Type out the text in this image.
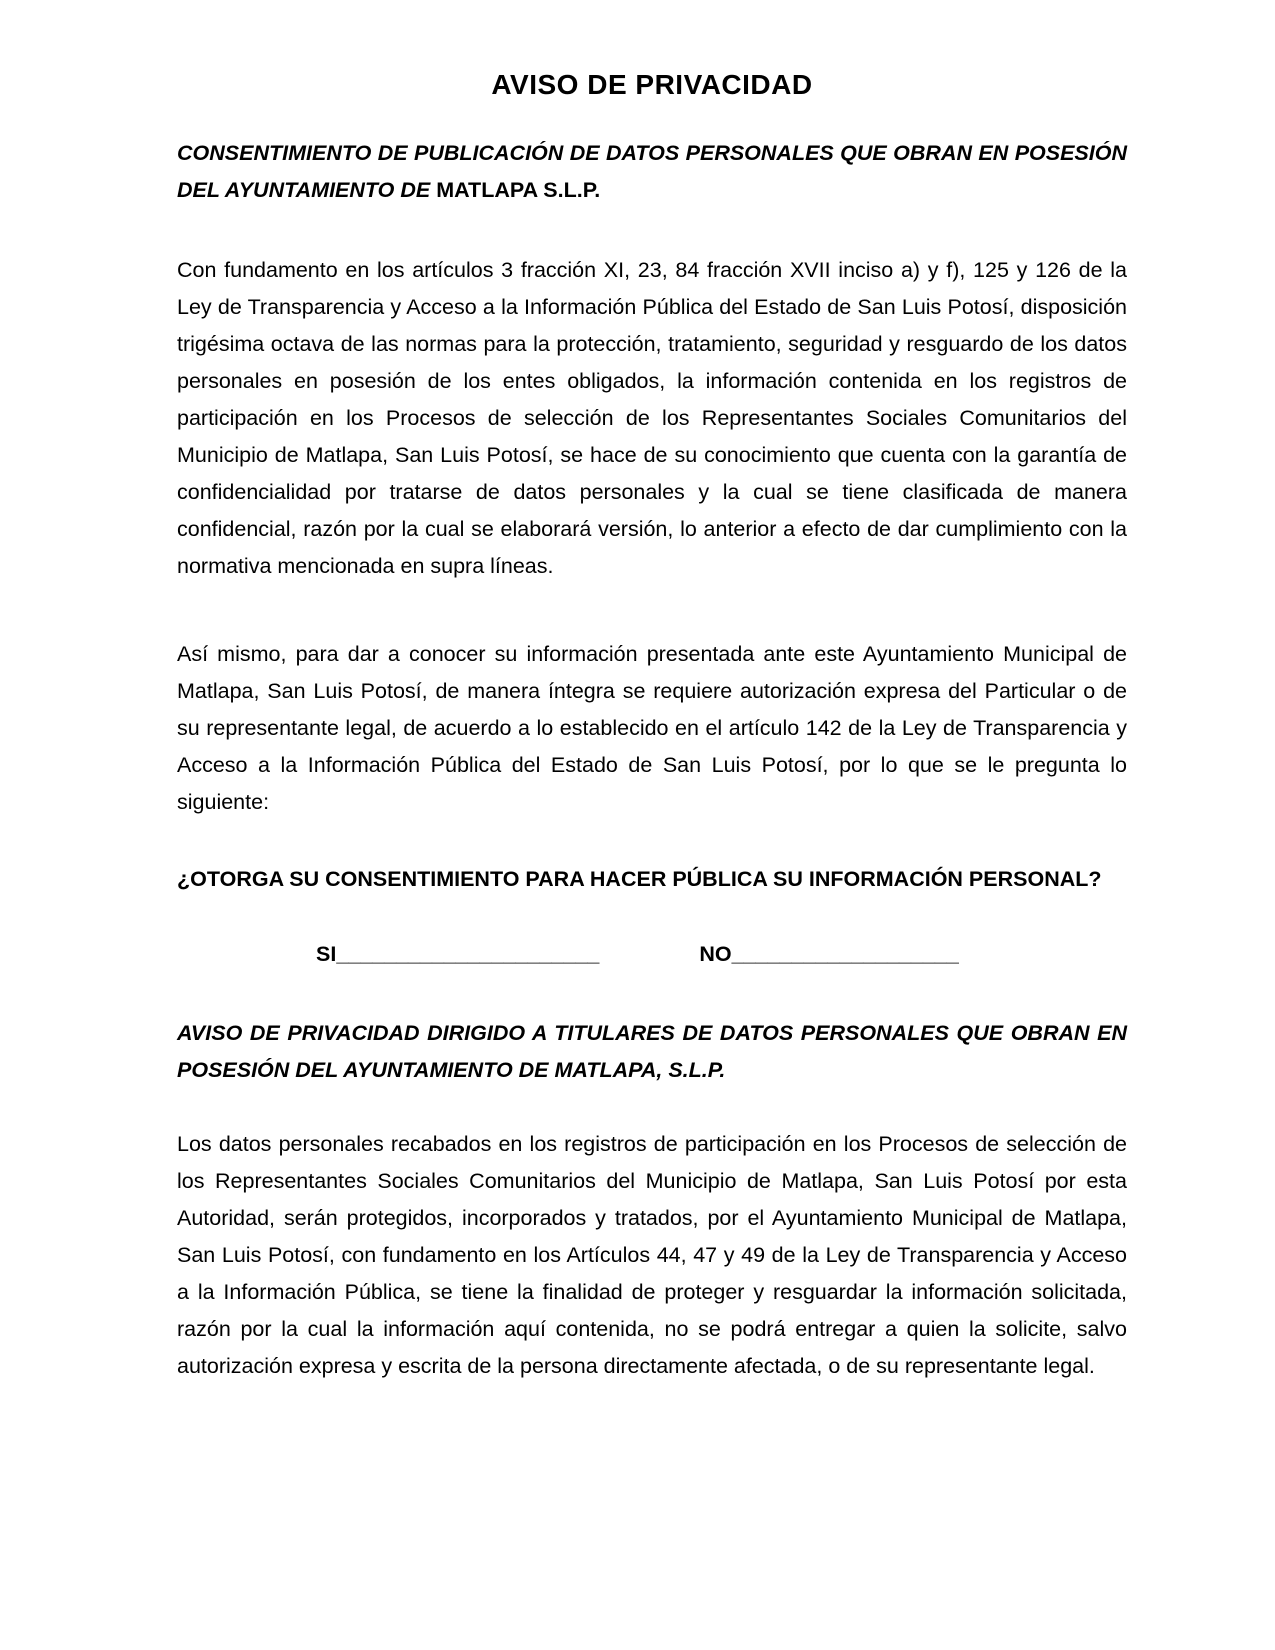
AVISO DE PRIVACIDAD

CONSENTIMIENTO DE PUBLICACIÓN DE DATOS PERSONALES QUE OBRAN EN POSESIÓN DEL AYUNTAMIENTO DE MATLAPA S.L.P.

Con fundamento en los artículos 3 fracción XI, 23, 84 fracción XVII inciso a) y f), 125 y 126 de la Ley de Transparencia y Acceso a la Información Pública del Estado de San Luis Potosí, disposición trigésima octava de las normas para la protección, tratamiento, seguridad y resguardo de los datos personales en posesión de los entes obligados, la información contenida en los registros de participación en los Procesos de selección de los Representantes Sociales Comunitarios del Municipio de Matlapa, San Luis Potosí, se hace de su conocimiento que cuenta con la garantía de confidencialidad por tratarse de datos personales y la cual se tiene clasificada de manera confidencial, razón por la cual se elaborará versión, lo anterior a efecto de dar cumplimiento con la normativa mencionada en supra líneas.

Así mismo, para dar a conocer su información presentada ante este Ayuntamiento Municipal de Matlapa, San Luis Potosí, de manera íntegra se requiere autorización expresa del Particular o de su representante legal, de acuerdo a lo establecido en el artículo 142 de la Ley de Transparencia y Acceso a la Información Pública del Estado de San Luis Potosí, por lo que se le pregunta lo siguiente:

¿OTORGA SU CONSENTIMIENTO PARA HACER PÚBLICA SU INFORMACIÓN PERSONAL?

SI______________________	NO___________________

AVISO DE PRIVACIDAD DIRIGIDO A TITULARES DE DATOS PERSONALES QUE OBRAN EN POSESIÓN DEL AYUNTAMIENTO DE MATLAPA, S.L.P.

Los datos personales recabados en los registros de participación en los Procesos de selección de los Representantes Sociales Comunitarios del Municipio de Matlapa, San Luis Potosí por esta Autoridad, serán protegidos, incorporados y tratados, por el Ayuntamiento Municipal de Matlapa, San Luis Potosí, con fundamento en los Artículos 44, 47 y 49 de la Ley de Transparencia y Acceso a la Información Pública, se tiene la finalidad de proteger y resguardar la información solicitada, razón por la cual la información aquí contenida, no se podrá entregar a quien la solicite, salvo autorización expresa y escrita de la persona directamente afectada, o de su representante legal.
